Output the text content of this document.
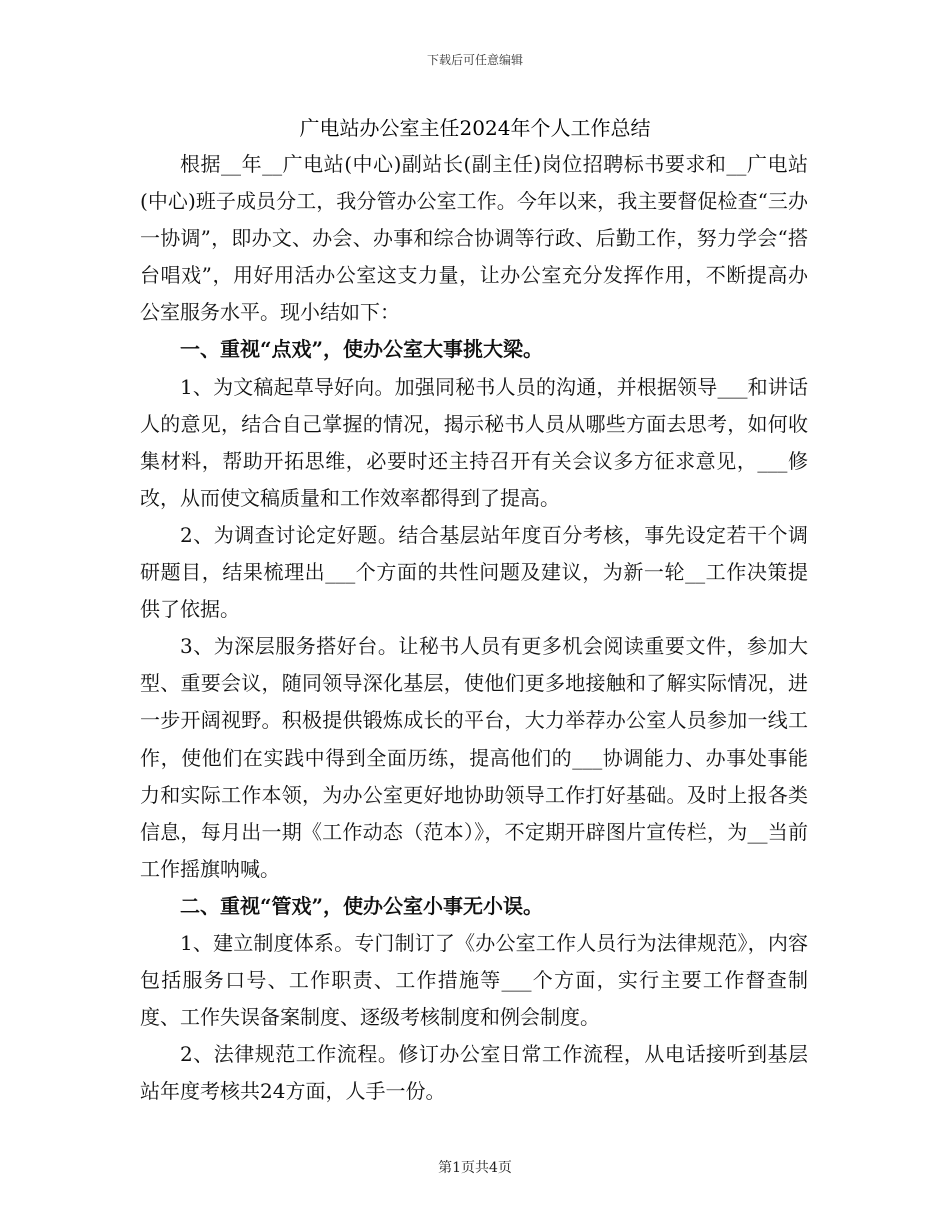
下载后可任意编辑
广电站办公室主任2024年个人工作总结

根据__年__广电站(中心)副站长(副主任)岗位招聘标书要求和__广电站(中心)班子成员分工，我分管办公室工作。今年以来，我主要督促检查“三办一协调”，即办文、办会、办事和综合协调等行政、后勤工作，努力学会“搭台唱戏”，用好用活办公室这支力量，让办公室充分发挥作用，不断提高办公室服务水平。现小结如下：

一、重视“点戏”，使办公室大事挑大梁。

1、为文稿起草导好向。加强同秘书人员的沟通，并根据领导___和讲话人的意见，结合自己掌握的情况，揭示秘书人员从哪些方面去思考，如何收集材料，帮助开拓思维，必要时还主持召开有关会议多方征求意见，___修改，从而使文稿质量和工作效率都得到了提高。

2、为调查讨论定好题。结合基层站年度百分考核，事先设定若干个调研题目，结果梳理出___个方面的共性问题及建议，为新一轮__工作决策提供了依据。

3、为深层服务搭好台。让秘书人员有更多机会阅读重要文件，参加大型、重要会议，随同领导深化基层，使他们更多地接触和了解实际情况，进一步开阔视野。积极提供锻炼成长的平台，大力举荐办公室人员参加一线工作，使他们在实践中得到全面历练，提高他们的___协调能力、办事处事能力和实际工作本领，为办公室更好地协助领导工作打好基础。及时上报各类信息，每月出一期《工作动态（范本）》，不定期开辟图片宣传栏，为__当前工作摇旗呐喊。

二、重视“管戏”，使办公室小事无小误。

1、建立制度体系。专门制订了《办公室工作人员行为法律规范》，内容包括服务口号、工作职责、工作措施等___个方面，实行主要工作督查制度、工作失误备案制度、逐级考核制度和例会制度。

2、法律规范工作流程。修订办公室日常工作流程，从电话接听到基层站年度考核共24方面，人手一份。

第1页共4页
